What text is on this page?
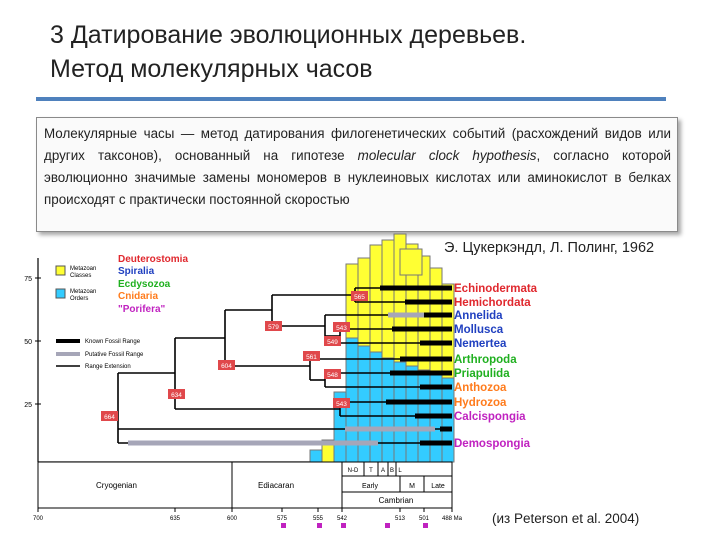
3 Датирование эволюционных деревьев.
Метод молекулярных часов
Молекулярные часы — метод датирования филогенетических событий (расхождений видов или других таксонов), основанный на гипотезе molecular clock hypothesis, согласно которой эволюционно значимые замены мономеров в нуклеиновых кислотах или аминокислот в белках происходят с практически постоянной скоростью
Э. Цукеркэндл, Л. Полинг, 1962
75
50
25
565
579	543
549
561
604
548
543
634
664
Deuterostomia
Spiralia
Ecdysozoa
Cnidaria
"Porifera"
Metazoan
Classes
Metazoan
Orders
Known Fossil Range
Putative Fossil Range
Range Extension
Echinodermata
Hemichordata
Annelida
Mollusca
Nemertea
Arthropoda
Priapulida
Anthozoa
Hydrozoa
Calcispongia
Demospongia
Cryogenian	Ediacaran
Cambrian
Early	M Late
N-D T A B L
700	635	600	575	555 542	513 501 488 Ma (из Peterson et al. 2004)
